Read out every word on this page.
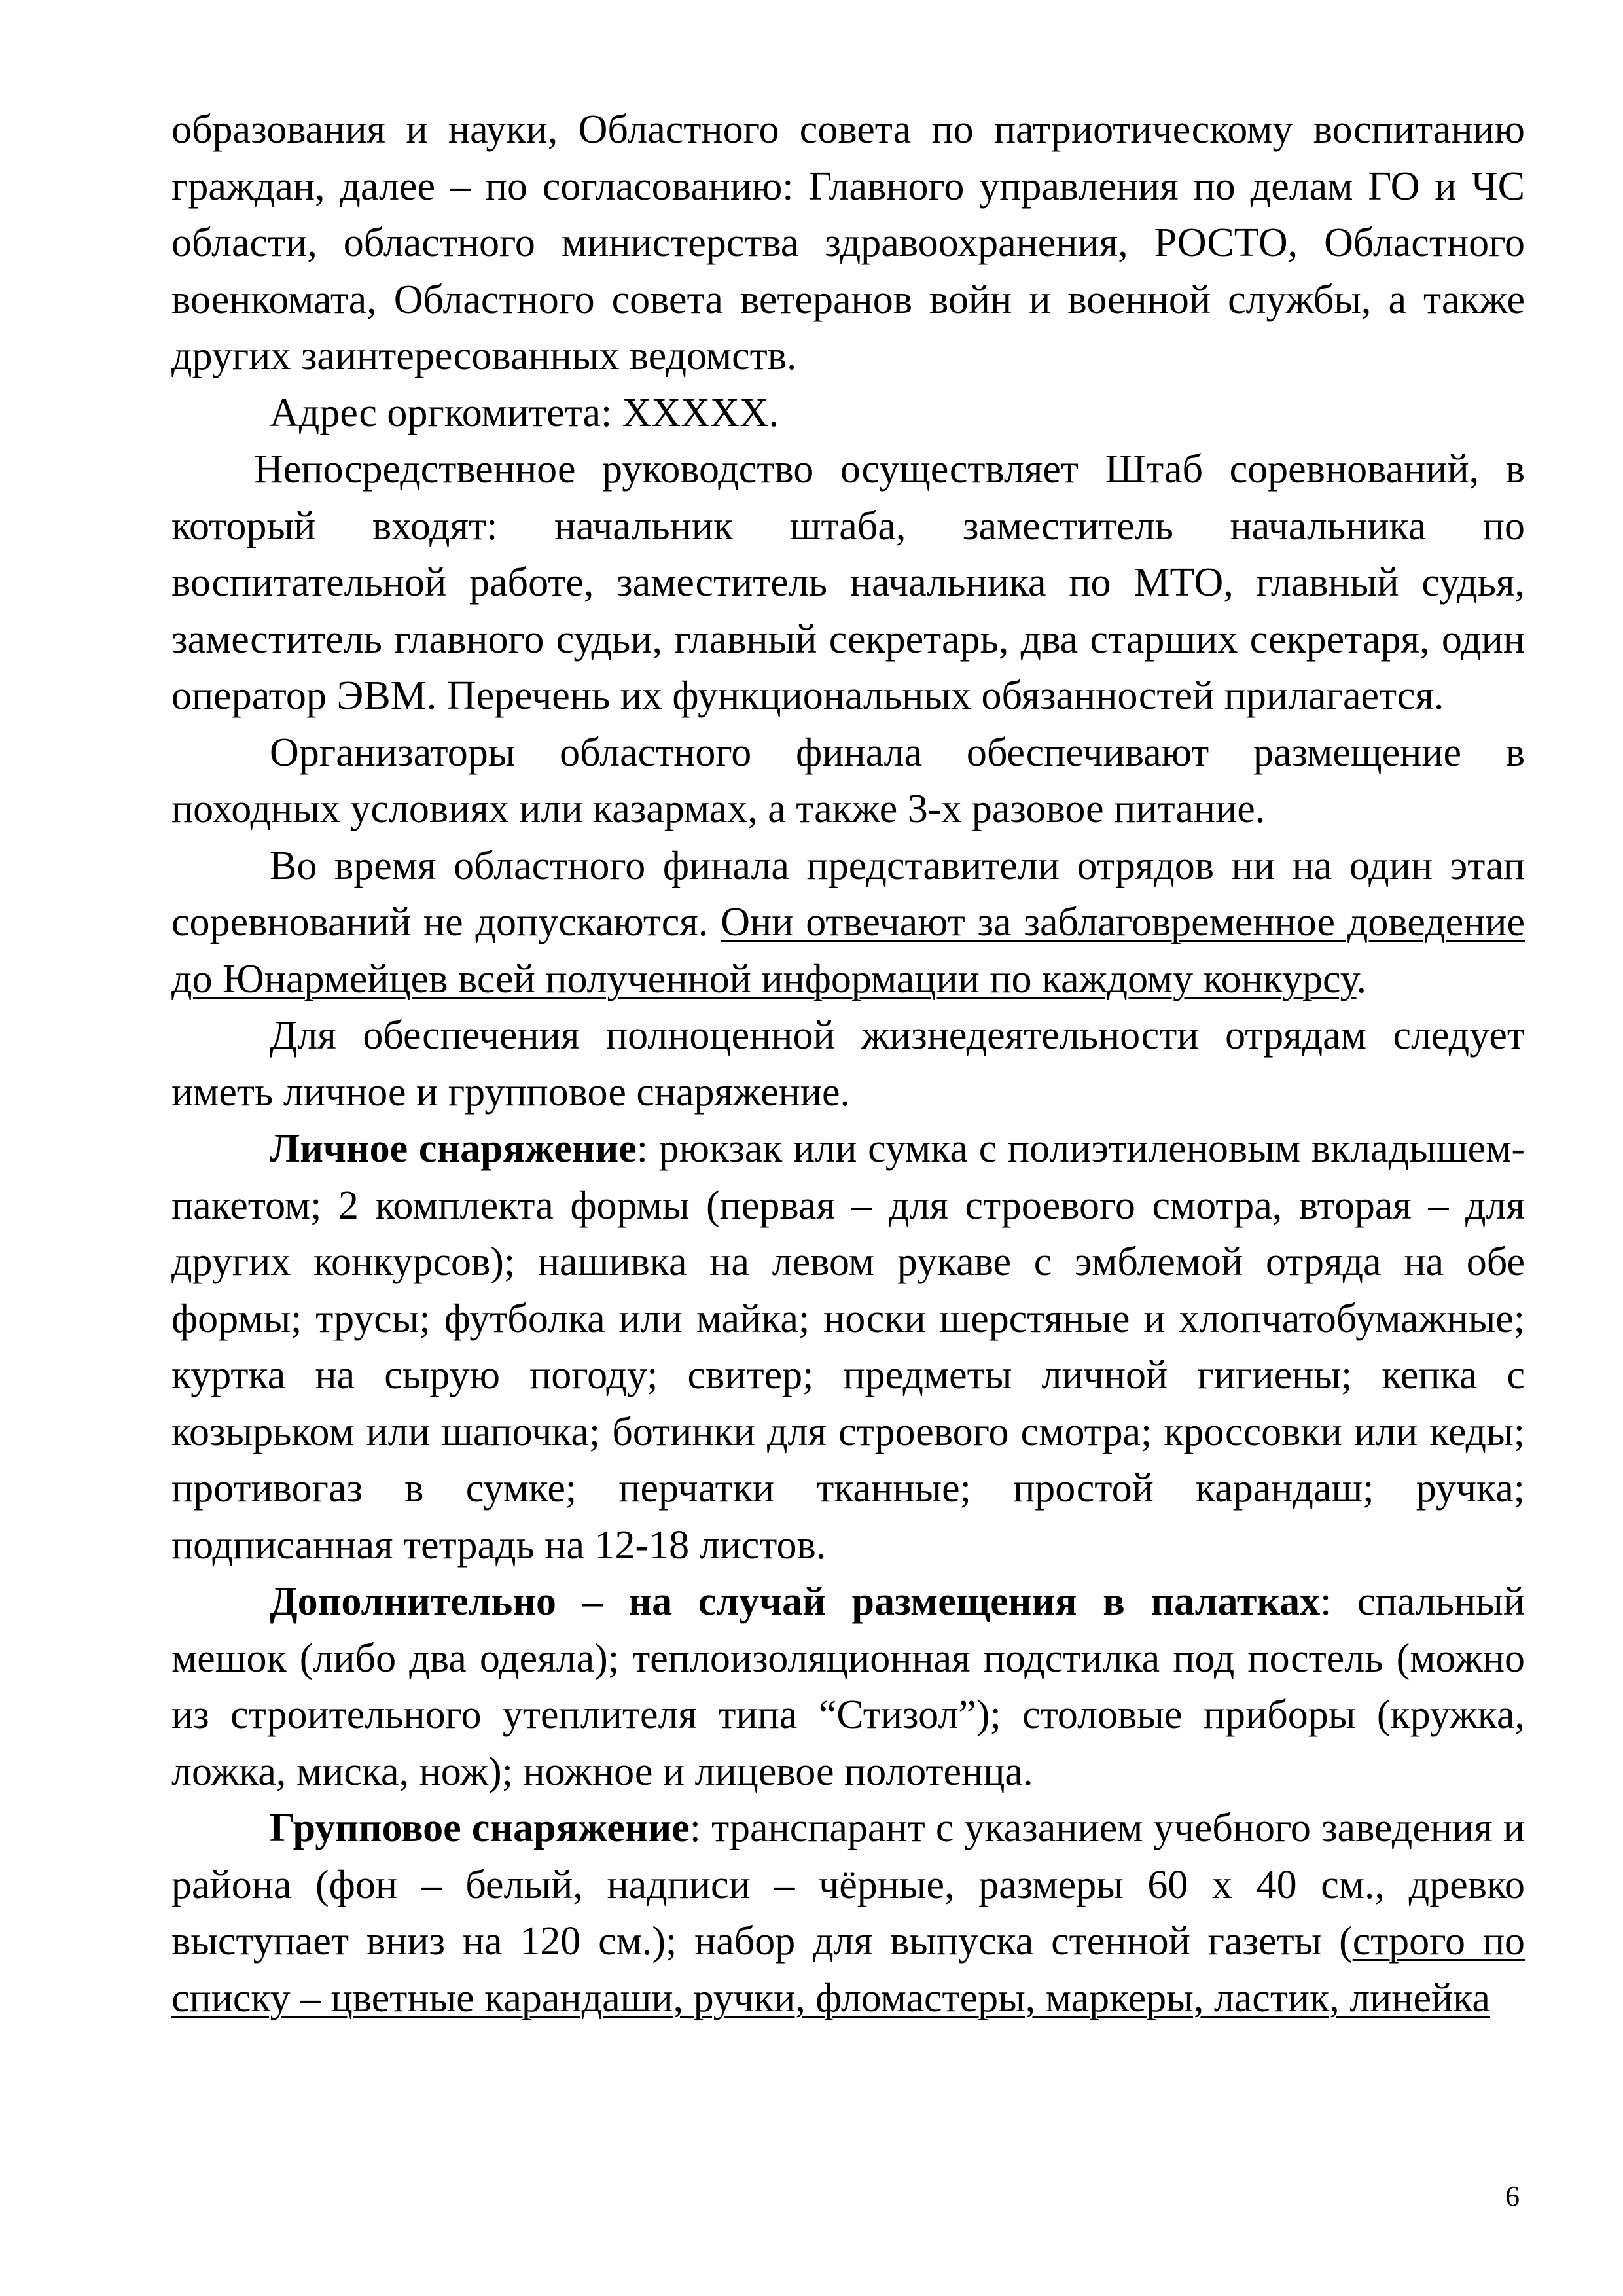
образования и науки, Областного совета по патриотическому воспитанию граждан, далее – по согласованию: Главного управления по делам ГО и ЧС области, областного министерства здравоохранения, РОСТО, Областного военкомата, Областного совета ветеранов войн и военной службы, а также других заинтересованных ведомств.

Адрес оргкомитета: XXXXX.

Непосредственное руководство осуществляет Штаб соревнований, в который входят: начальник штаба, заместитель начальника по воспитательной работе, заместитель начальника по МТО, главный судья, заместитель главного судьи, главный секретарь, два старших секретаря, один оператор ЭВМ. Перечень их функциональных обязанностей прилагается.

Организаторы областного финала обеспечивают размещение в походных условиях или казармах, а также 3-х разовое питание.

Во время областного финала представители отрядов ни на один этап соревнований не допускаются. Они отвечают за заблаговременное доведение до Юнармейцев всей полученной информации по каждому конкурсу.

Для обеспечения полноценной жизнедеятельности отрядам следует иметь личное и групповое снаряжение.

Личное снаряжение: рюкзак или сумка с полиэтиленовым вкладышем-пакетом; 2 комплекта формы (первая – для строевого смотра, вторая – для других конкурсов); нашивка на левом рукаве с эмблемой отряда на обе формы; трусы; футболка или майка; носки шерстяные и хлопчатобумажные; куртка на сырую погоду; свитер; предметы личной гигиены; кепка с козырьком или шапочка; ботинки для строевого смотра; кроссовки или кеды; противогаз в сумке; перчатки тканные; простой карандаш; ручка; подписанная тетрадь на 12-18 листов.

Дополнительно – на случай размещения в палатках: спальный мешок (либо два одеяла); теплоизоляционная подстилка под постель (можно из строительного утеплителя типа “Стизол”); столовые приборы (кружка, ложка, миска, нож); ножное и лицевое полотенца.

Групповое снаряжение: транспарант с указанием учебного заведения и района (фон – белый, надписи – чёрные, размеры 60 х 40 см., древко выступает вниз на 120 см.); набор для выпуска стенной газеты (строго по списку – цветные карандаши, ручки, фломастеры, маркеры, ластик, линейка

6
